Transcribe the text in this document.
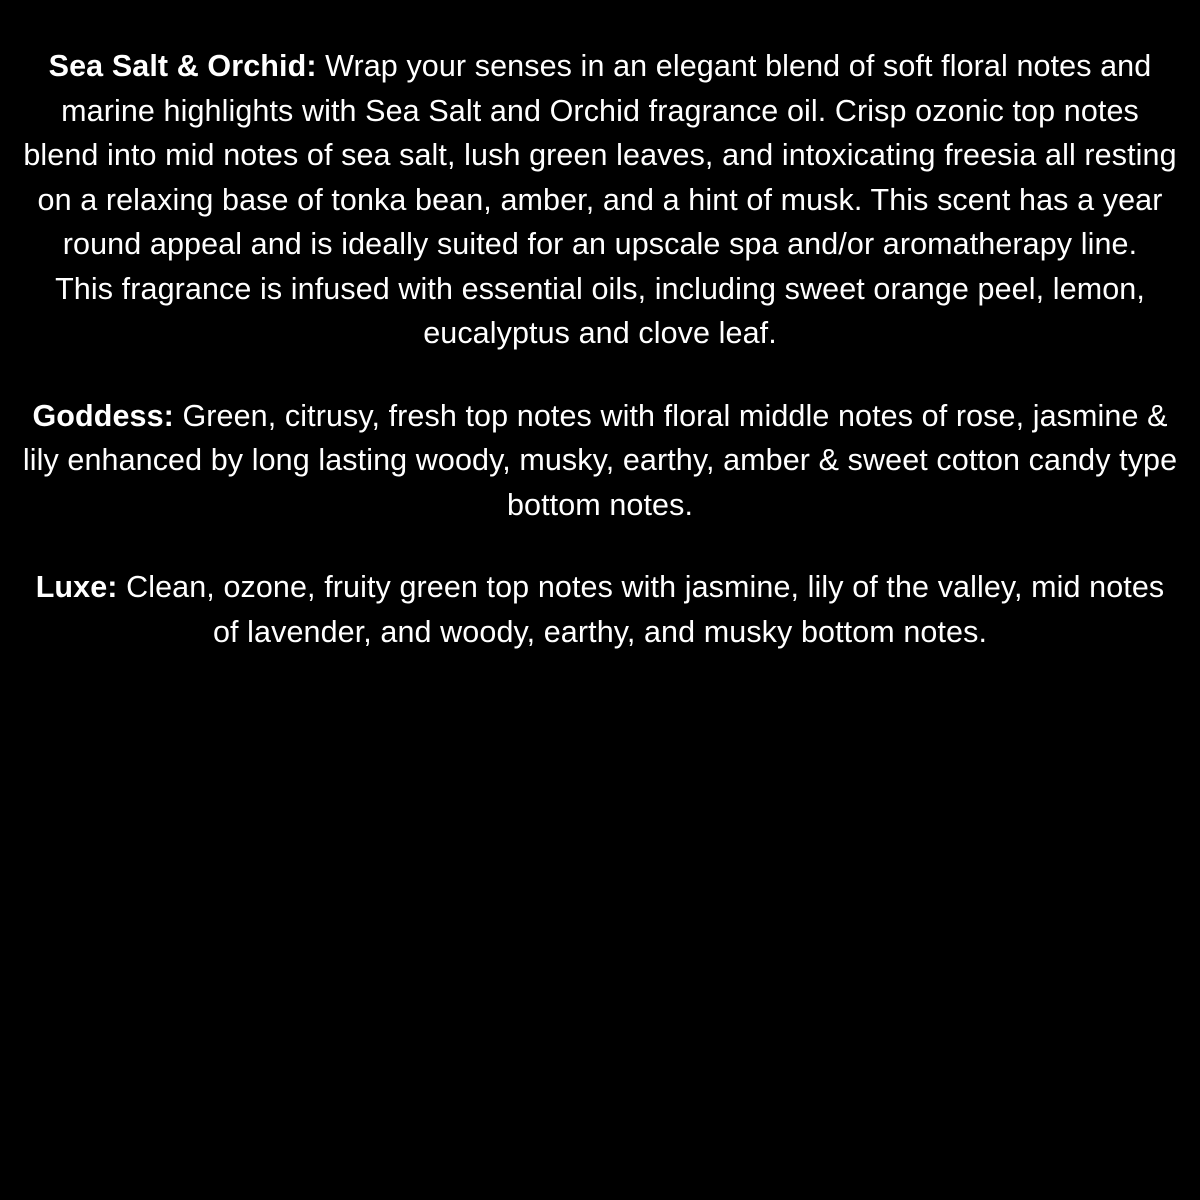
Sea Salt & Orchid: Wrap your senses in an elegant blend of soft floral notes and marine highlights with Sea Salt and Orchid fragrance oil. Crisp ozonic top notes blend into mid notes of sea salt, lush green leaves, and intoxicating freesia all resting on a relaxing base of tonka bean, amber, and a hint of musk. This scent has a year round appeal and is ideally suited for an upscale spa and/or aromatherapy line.
This fragrance is infused with essential oils, including sweet orange peel, lemon, eucalyptus and clove leaf.
Goddess: Green, citrusy, fresh top notes with floral middle notes of rose, jasmine & lily enhanced by long lasting woody, musky, earthy, amber & sweet cotton candy type bottom notes.
Luxe: Clean, ozone, fruity green top notes with jasmine, lily of the valley, mid notes of lavender, and woody, earthy, and musky bottom notes.
